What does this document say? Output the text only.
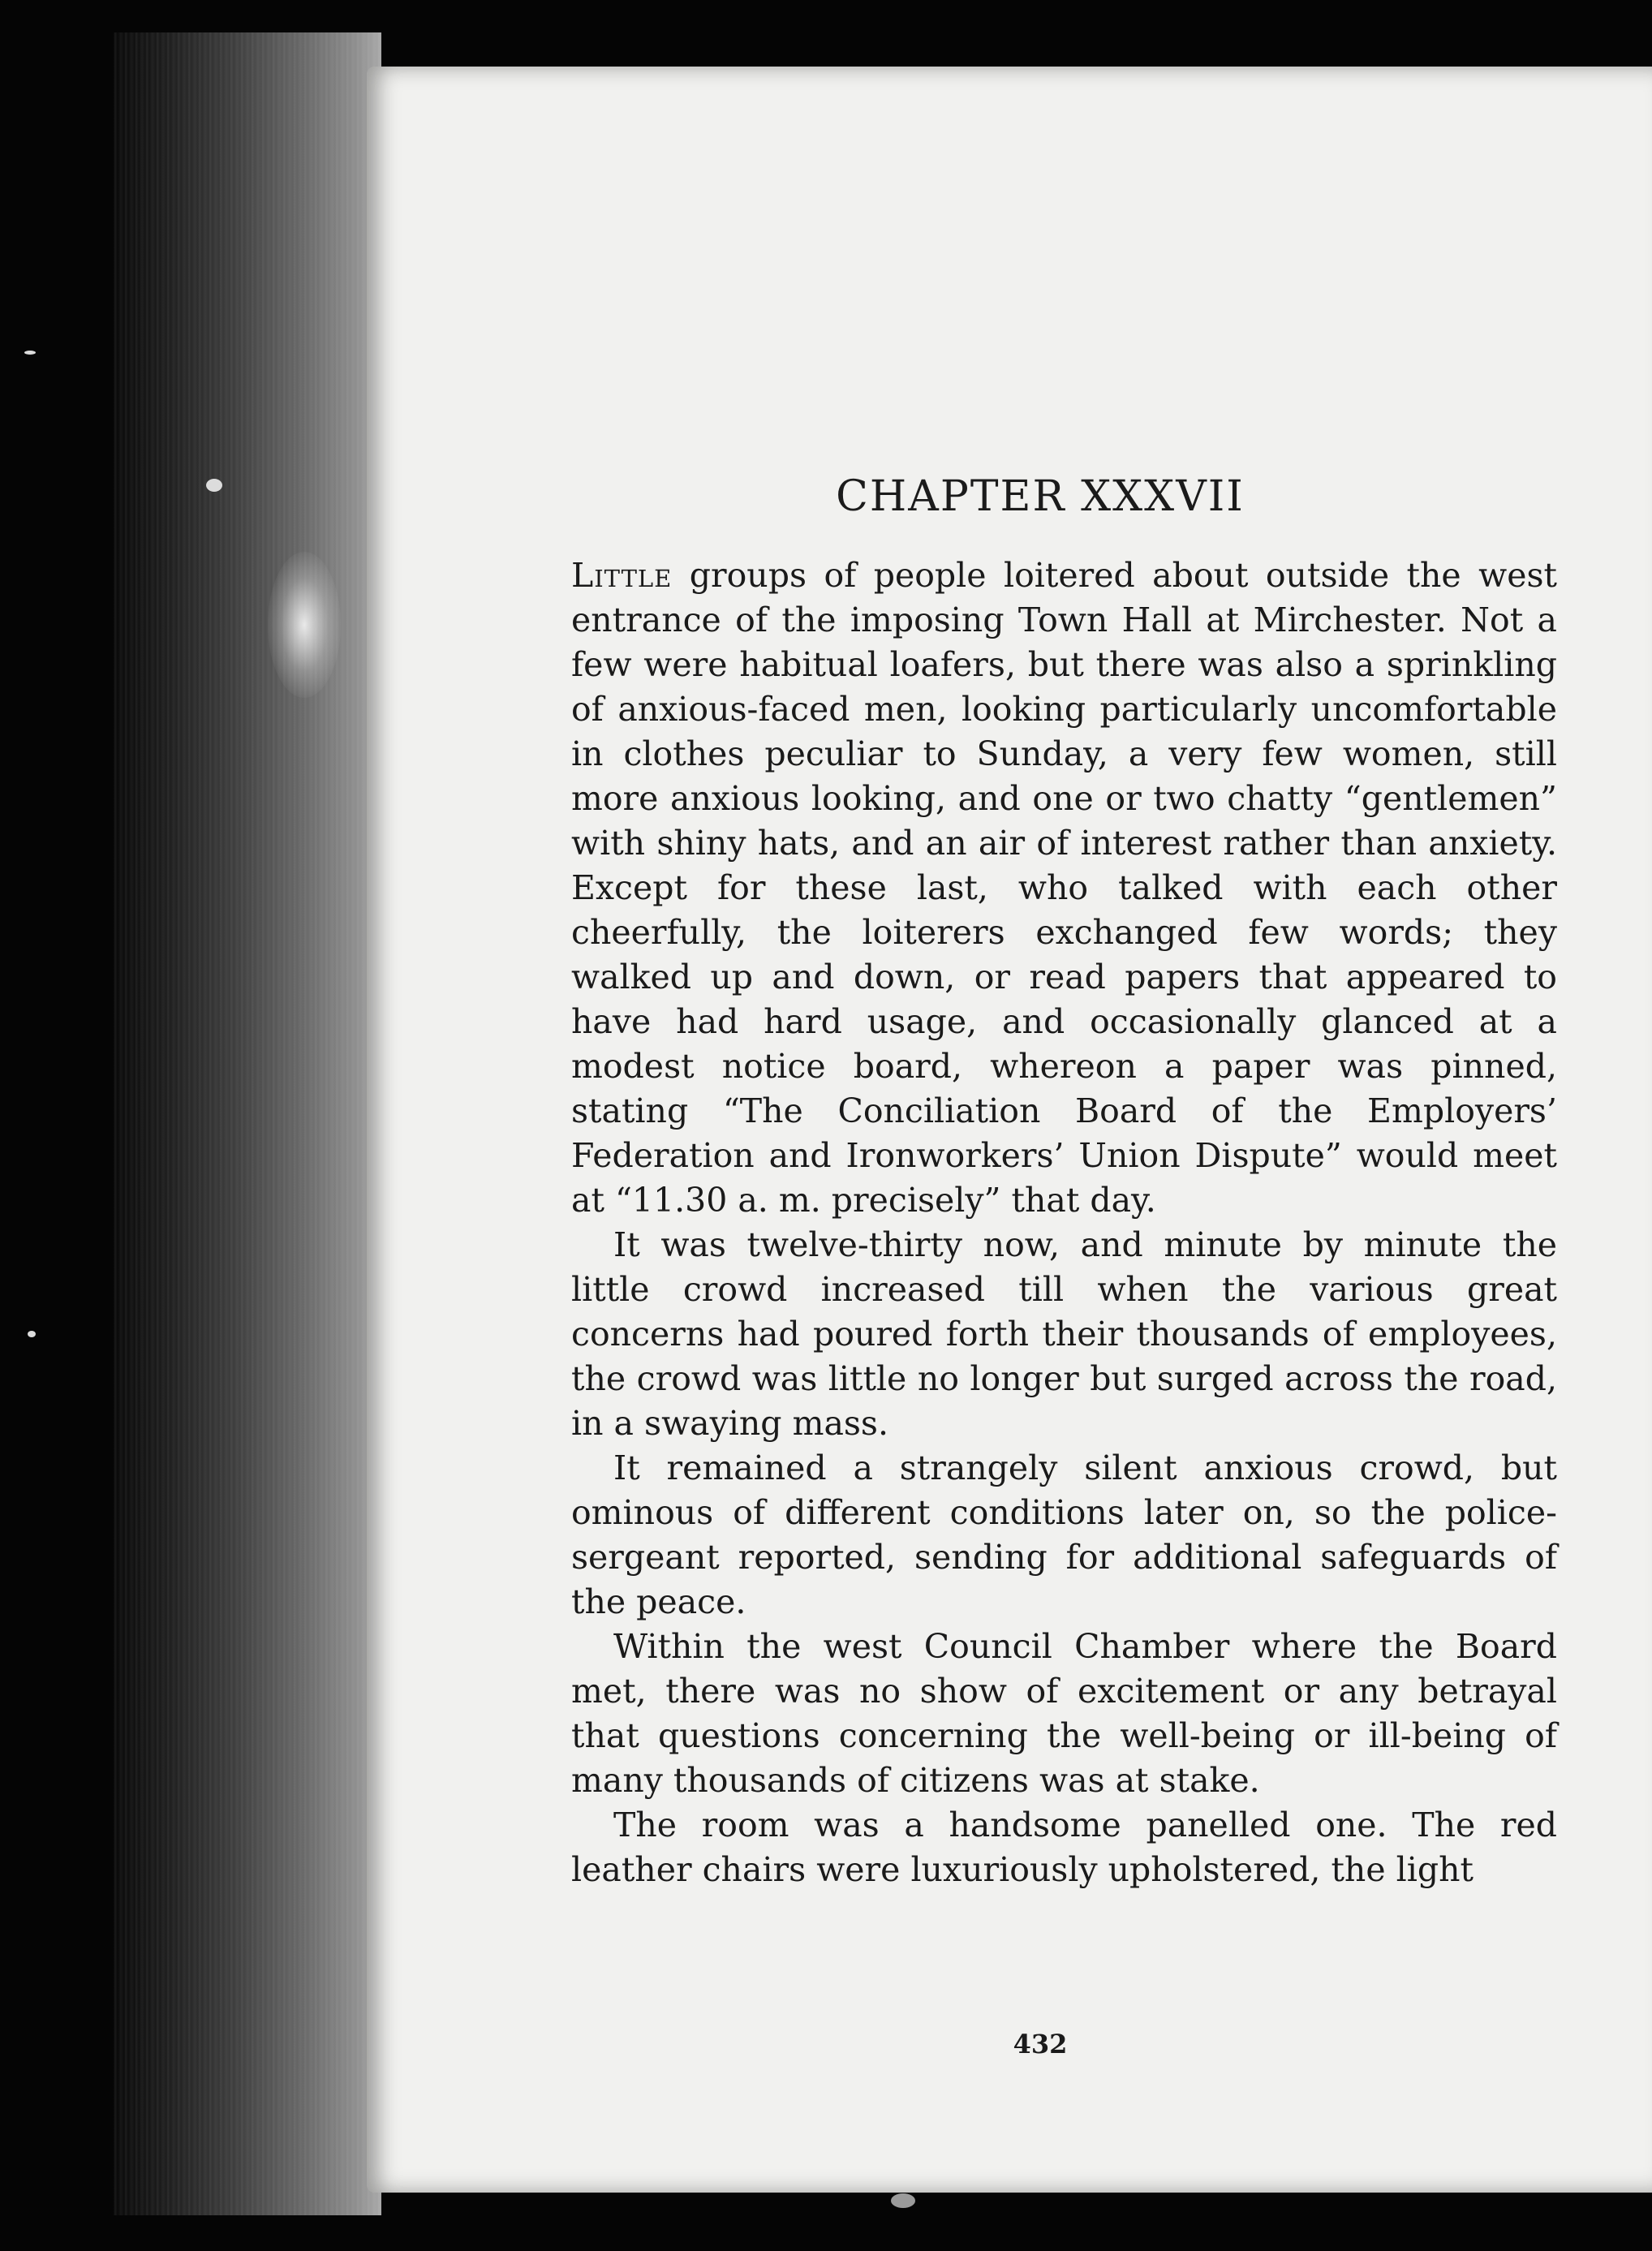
CHAPTER XXXVII

Little groups of people loitered about outside the west entrance of the imposing Town Hall at Mirchester. Not a few were habitual loafers, but there was also a sprinkling of anxious-faced men, looking particularly uncomfortable in clothes peculiar to Sunday, a very few women, still more anxious looking, and one or two chatty “gentlemen” with shiny hats, and an air of interest rather than anxiety. Except for these last, who talked with each other cheerfully, the loiterers exchanged few words; they walked up and down, or read papers that appeared to have had hard usage, and occasionally glanced at a modest notice board, whereon a paper was pinned, stating “The Conciliation Board of the Employers’ Federation and Ironworkers’ Union Dispute” would meet at “11.30 a. m. precisely” that day.

It was twelve-thirty now, and minute by minute the little crowd increased till when the various great concerns had poured forth their thousands of employees, the crowd was little no longer but surged across the road, in a swaying mass.

It remained a strangely silent anxious crowd, but ominous of different conditions later on, so the police-sergeant reported, sending for additional safeguards of the peace.

Within the west Council Chamber where the Board met, there was no show of excitement or any betrayal that questions concerning the well-being or ill-being of many thousands of citizens was at stake.

The room was a handsome panelled one. The red leather chairs were luxuriously upholstered, the light

432
